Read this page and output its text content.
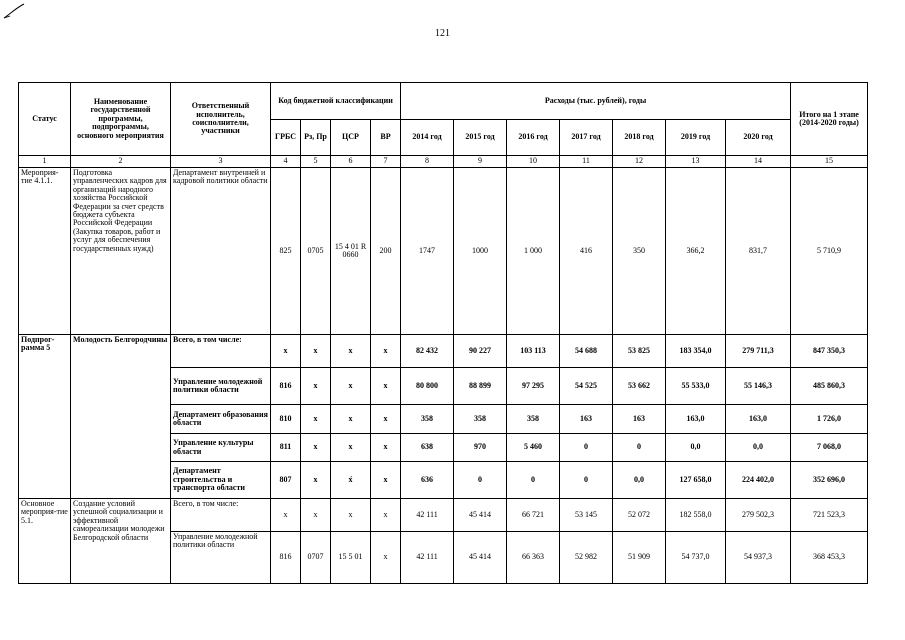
121
Статус	Наименование государственной программы, подпрограммы, основного мероприятия	Ответственный исполнитель, соисполнители, участники	Код бюджетной классификации				Расходы (тыс. рублей), годы							Итого на 1 этапе (2014-2020 годы)
			ГРБС	Рз, Пр	ЦСР	ВР	2014 год	2015 год	2016 год	2017 год	2018 год	2019 год	2020 год	
1	2	3	4	5	6	7	8	9	10	11	12	13	14	15
Мероприя-тие 4.1.1.	Подготовка управленческих кадров для организаций народного хозяйства Российской Федерации за счет средств бюджета субъекта Российской Федерации (Закупка товаров, работ и услуг для обеспечения государственных нужд)	Департамент внутренней и кадровой политики области	825	0705	15 4 01 R 0660	200	1747	1000	1 000	416	350	366,2	831,7	5 710,9
Подпрог-рамма 5	Молодость Белгородчины	Всего, в том числе:	x	x	x	x	82 432	90 227	103 113	54 688	53 825	183 354,0	279 711,3	847 350,3
		Управление молодежной политики области	816	x	x	x	80 800	88 899	97 295	54 525	53 662	55 533,0	55 146,3	485 860,3
		Департамент образования области	810	x	x	x	358	358	358	163	163	163,0	163,0	1 726,0
		Управление культуры области	811	x	x	x	638	970	5 460	0	0	0,0	0,0	7 068,0
		Департамент строительства и транспорта области	807	x	x́	x	636	0	0	0	0,0	127 658,0	224 402,0	352 696,0
Основное мероприя-тие 5.1.	Создание условий успешной социализации и эффективной самореализации молодежи Белгородской области	Всего, в том числе:	x	x	x	x	42 111	45 414	66 721	53 145	52 072	182 558,0	279 502,3	721 523,3
		Управление молодежной политики области	816	0707	15 5 01	x	42 111	45 414	66 363	52 982	51 909	54 737,0	54 937,3	368 453,3
